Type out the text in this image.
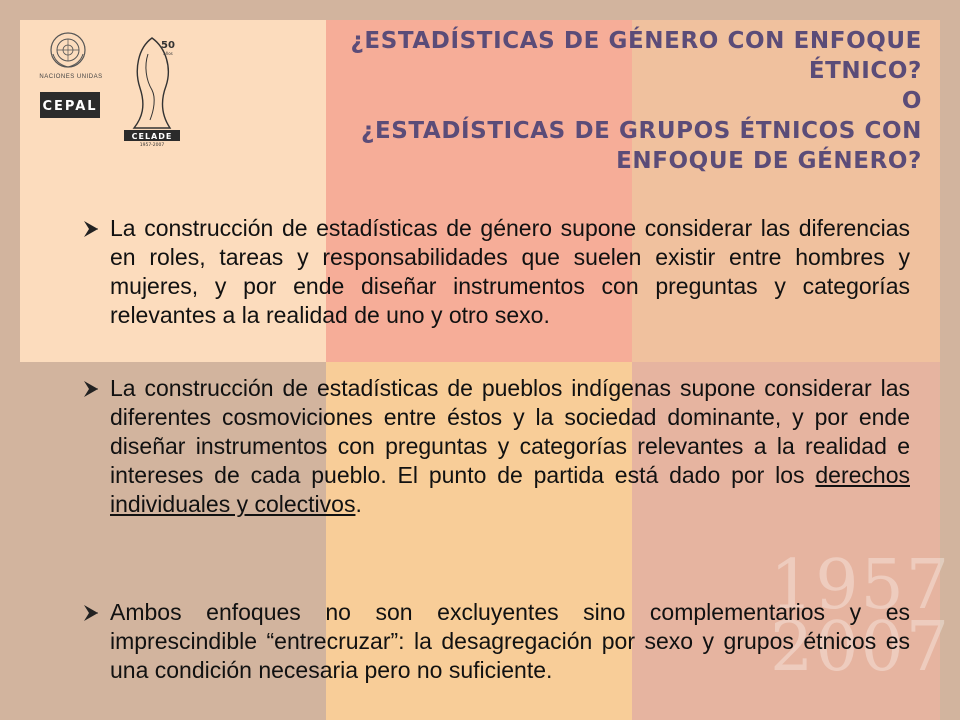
1957
2007
NACIONES UNIDAS
CEPAL
50
años
CELADE
1957-2007
¿ESTADÍSTICAS DE GÉNERO CON ENFOQUE
ÉTNICO?
O
¿ESTADÍSTICAS DE GRUPOS ÉTNICOS CON
ENFOQUE DE GÉNERO?
La construcción de estadísticas de género supone considerar las diferencias en roles, tareas y responsabilidades que suelen existir entre hombres y mujeres, y por ende diseñar instrumentos con preguntas y categorías relevantes a la realidad de uno y otro sexo.
La construcción de estadísticas de pueblos indígenas supone considerar las diferentes cosmoviciones entre éstos y la sociedad dominante, y por ende diseñar instrumentos con preguntas y categorías relevantes a la realidad e intereses de cada pueblo. El punto de partida está dado por los derechos individuales y colectivos.
Ambos enfoques no son excluyentes sino complementarios y es imprescindible “entrecruzar”: la desagregación por sexo y grupos étnicos es una condición necesaria pero no suficiente.
